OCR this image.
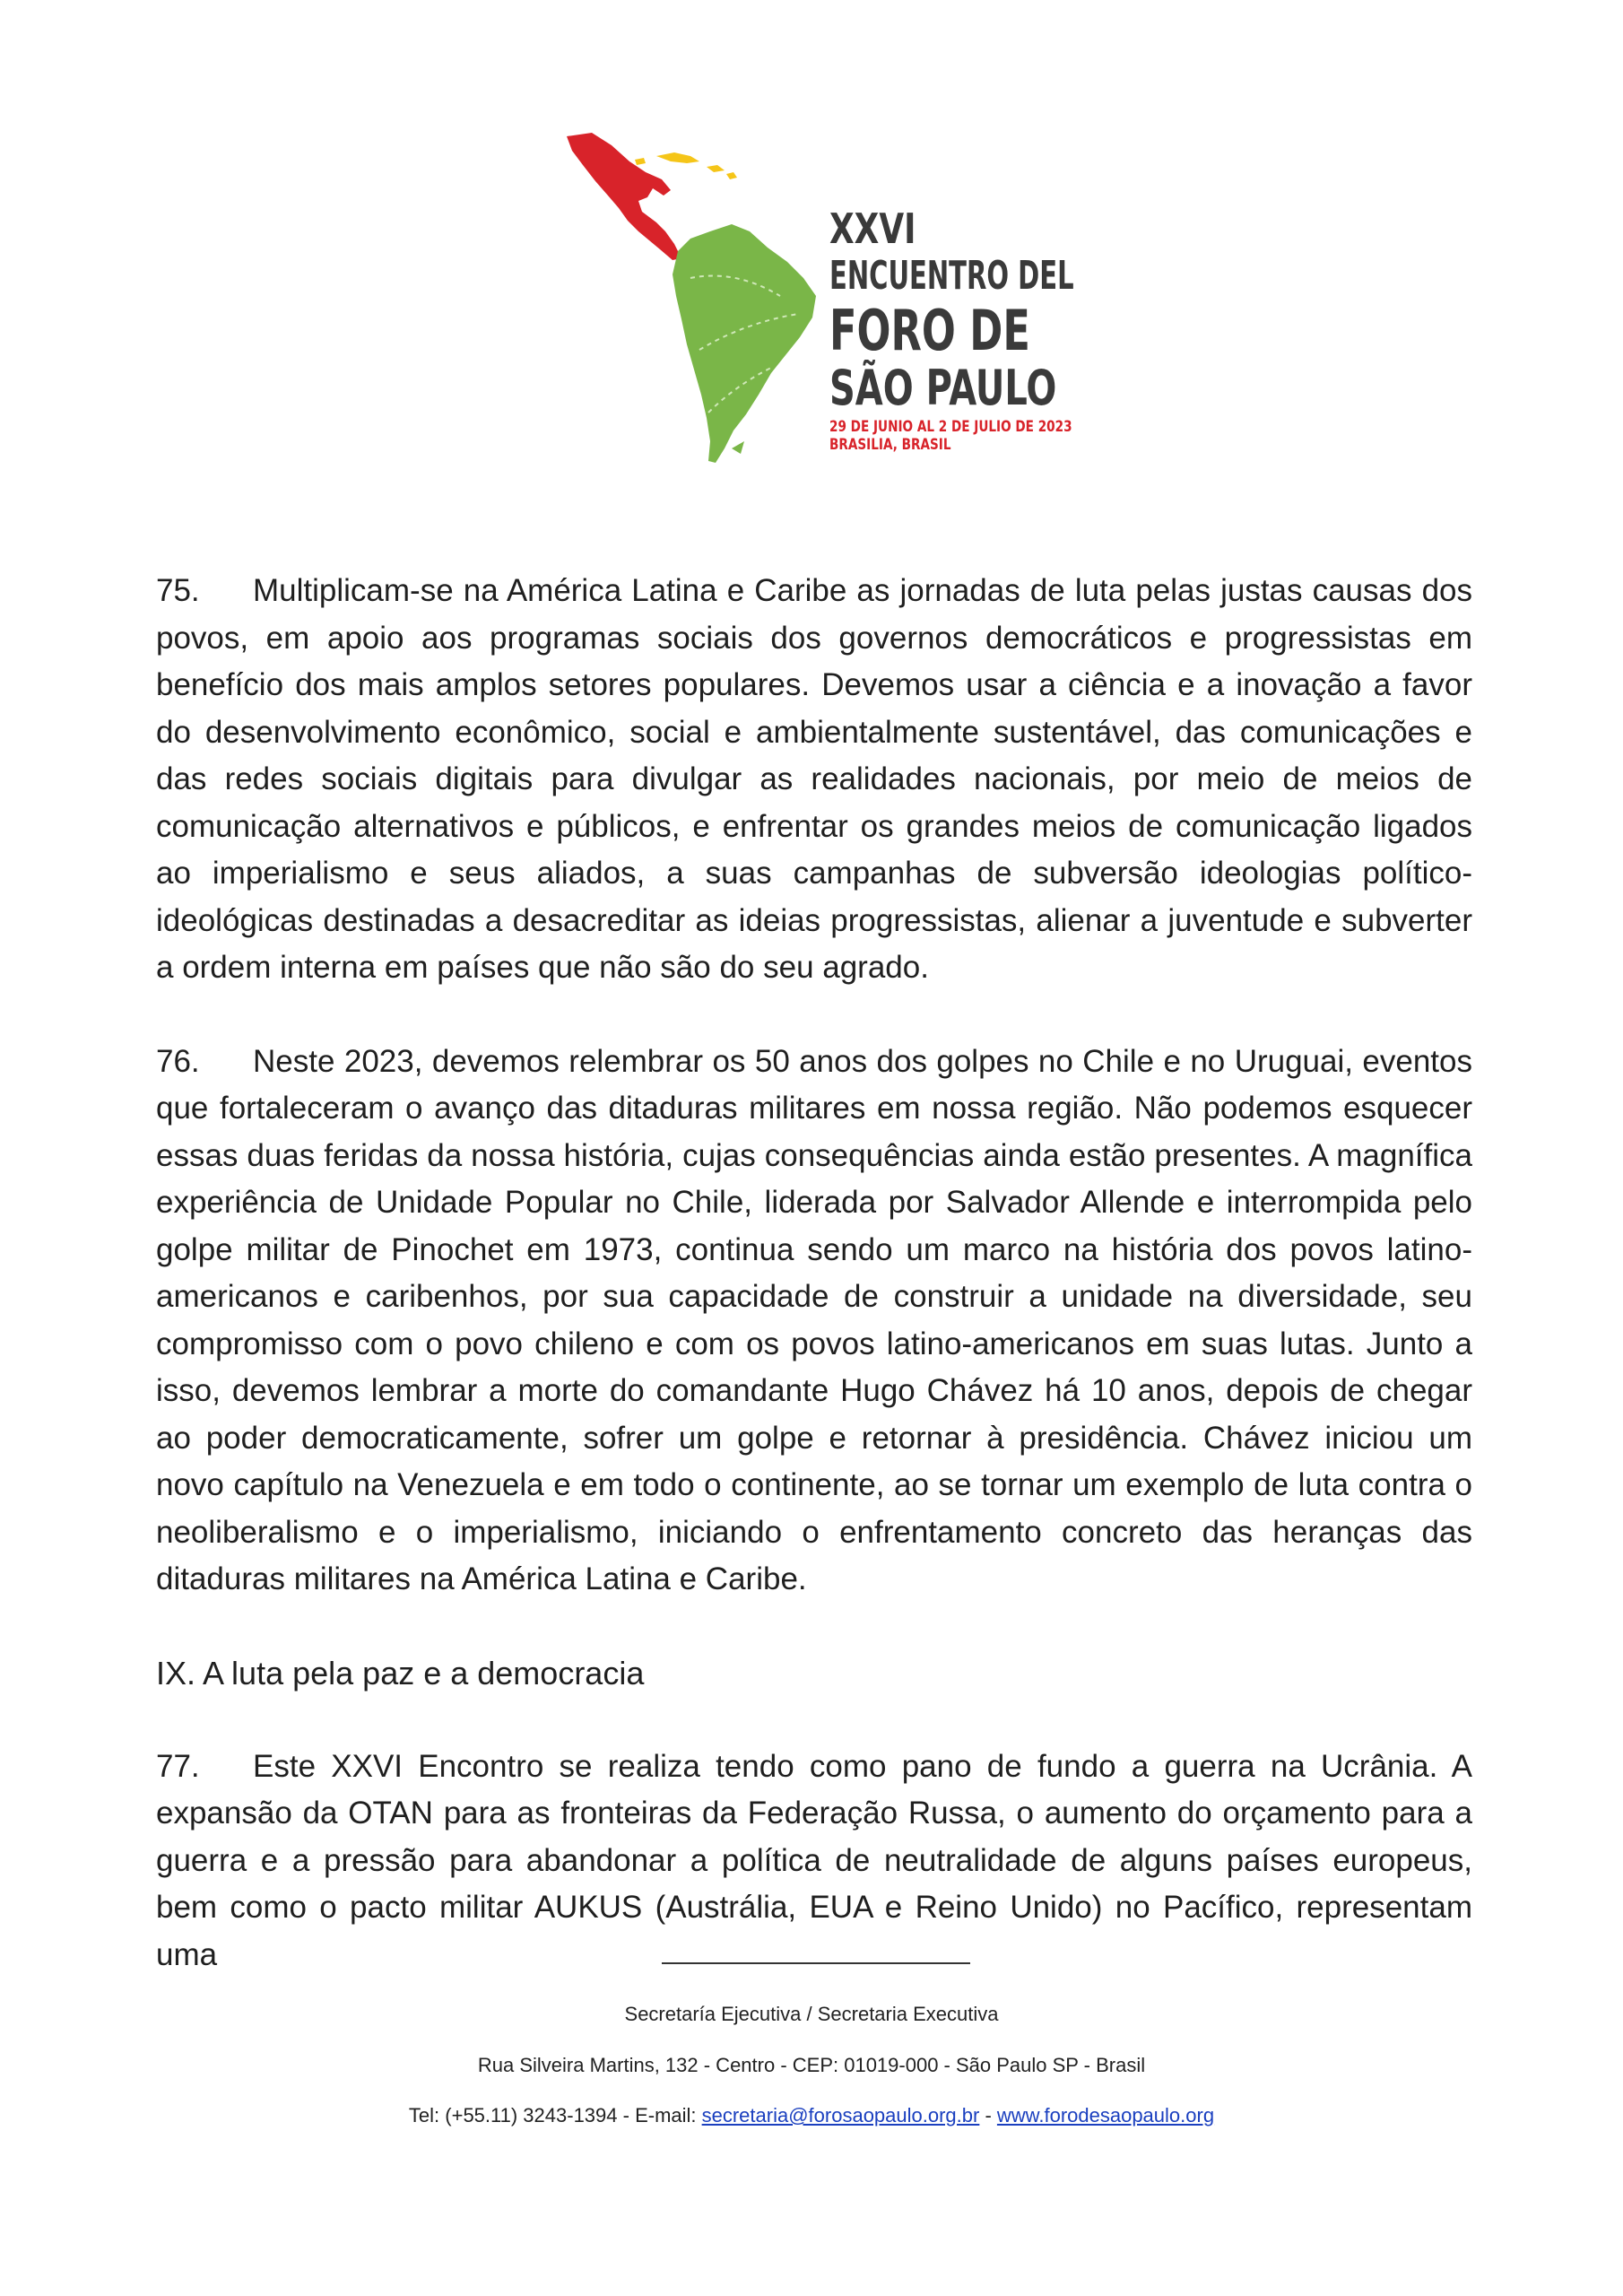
XXVI
ENCUENTRO DEL
FORO DE
SÃO PAULO
29 DE JUNIO AL 2 DE JULIO DE 2023
BRASILIA, BRASIL

75. Multiplicam-se na América Latina e Caribe as jornadas de luta pelas justas causas dos povos, em apoio aos programas sociais dos governos democráticos e progressistas em benefício dos mais amplos setores populares. Devemos usar a ciência e a inovação a favor do desenvolvimento econômico, social e ambientalmente sustentável, das comunicações e das redes sociais digitais para divulgar as realidades nacionais, por meio de meios de comunicação alternativos e públicos, e enfrentar os grandes meios de comunicação ligados ao imperialismo e seus aliados, a suas campanhas de subversão ideologias político-ideológicas destinadas a desacreditar as ideias progressistas, alienar a juventude e subverter a ordem interna em países que não são do seu agrado.

76. Neste 2023, devemos relembrar os 50 anos dos golpes no Chile e no Uruguai, eventos que fortaleceram o avanço das ditaduras militares em nossa região. Não podemos esquecer essas duas feridas da nossa história, cujas consequências ainda estão presentes. A magnífica experiência de Unidade Popular no Chile, liderada por Salvador Allende e interrompida pelo golpe militar de Pinochet em 1973, continua sendo um marco na história dos povos latino-americanos e caribenhos, por sua capacidade de construir a unidade na diversidade, seu compromisso com o povo chileno e com os povos latino-americanos em suas lutas. Junto a isso, devemos lembrar a morte do comandante Hugo Chávez há 10 anos, depois de chegar ao poder democraticamente, sofrer um golpe e retornar à presidência. Chávez iniciou um novo capítulo na Venezuela e em todo o continente, ao se tornar um exemplo de luta contra o neoliberalismo e o imperialismo, iniciando o enfrentamento concreto das heranças das ditaduras militares na América Latina e Caribe.

IX. A luta pela paz e a democracia

77. Este XXVI Encontro se realiza tendo como pano de fundo a guerra na Ucrânia. A expansão da OTAN para as fronteiras da Federação Russa, o aumento do orçamento para a guerra e a pressão para abandonar a política de neutralidade de alguns países europeus, bem como o pacto militar AUKUS (Austrália, EUA e Reino Unido) no Pacífico, representam uma

Secretaría Ejecutiva / Secretaria Executiva
Rua Silveira Martins, 132 - Centro - CEP: 01019-000 - São Paulo SP - Brasil
Tel: (+55.11) 3243-1394 - E-mail: secretaria@forosaopaulo.org.br - www.forodesaopaulo.org
